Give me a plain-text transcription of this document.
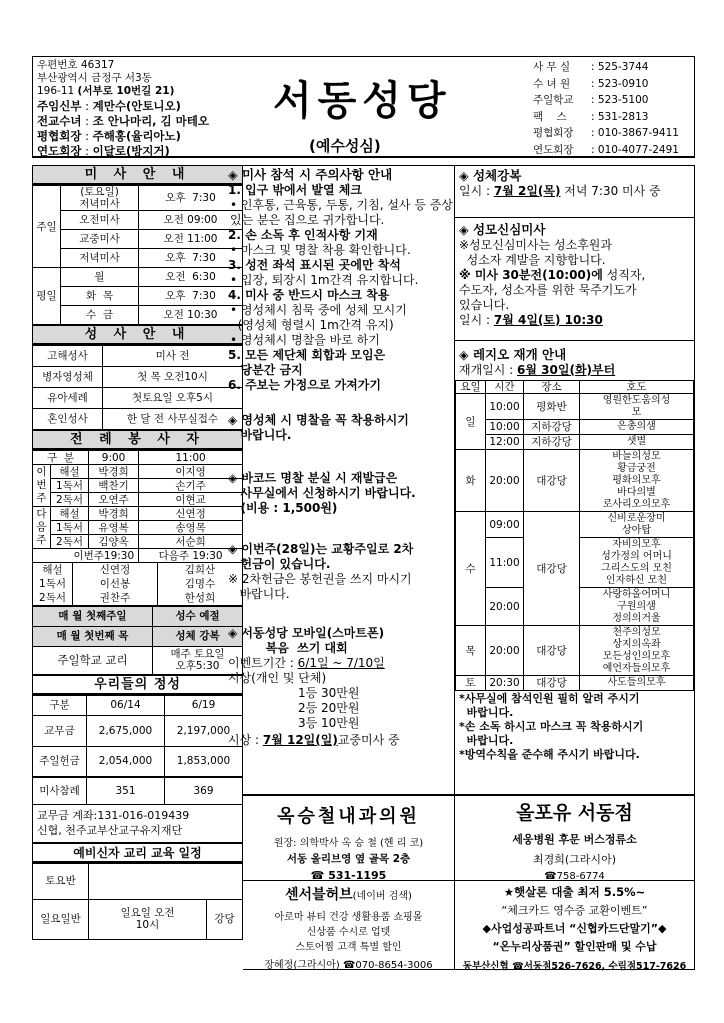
우편번호 46317
부산광역시 금정구 서3동
196-11 (서부로 10번길 21)
주임신부 : 계만수(안토니오)
전교수녀 : 조 안나마리, 김 마테오
평협회장 : 주해홍(율리아노)
연도회장 : 이달로(방지거)
서동성당
(예수성심)
사 무 실 : 525-3744
수 녀 원 : 523-0910
주일학교 : 523-5100
팩    스 : 531-2813
평협회장 : 010-3867-9411
연도회장 : 010-4077-2491
미 사 안 내
주일	(토요일)
저녁미사	오후  7:30
	오전미사	오전 09:00
	교중미사	오전 11:00
	저녁미사	오후  7:30
평일	월	오전  6:30
	화  목	오후  7:30
	수  금	오전 10:30
성 사 안 내
고해성사	미사 전
병자영성체	첫 목 오전10시
유아세례	첫토요일 오후5시
혼인성사	한 달 전 사무실접수
전 례 봉 사 자
구  분		9:00	11:00
이
번
주	해설	박경희	이지영
	1독서	백찬기	손기주
	2독서	오연주	이현교
다
음
주	해설	박경희	신연정
	1독서	유영복	송영목
	2독서	김양옥	서순희
이번주19:30			다음주 19:30
해설	신연정	김희산
1독서	이선봉	김명수
2독서	권찬주	한성희
매 월 첫째주일	성수 예절
매 월 첫번째 목	성체 강복
주일학교 교리	매주 토요일
오후5:30
우리들의 정성
구분	06/14	6/19
교무금	2,675,000	2,197,000
주일헌금	2,054,000	1,853,000
미사참례	351	369
교무금 계좌:131-016-019439
신협, 천주교부산교구유지재단
예비신자 교리 교육 일정
토요반		
일요일반	일요일 오전
10시	강당
◈ 미사 참석 시 주의사항 안내
1. 입구 밖에서 발열 체크
• 인후통, 근육통, 두통, 기침, 설사 등 증상 있는 분은 집으로 귀가합니다.
2. 손 소독 후 인적사항 기재
• 마스크 및 명찰 착용 확인합니다.
3. 성전 좌석 표시된 곳에만 착석
• 입장, 퇴장시 1m간격 유지합니다.
4. 미사 중 반드시 마스크 착용
• 영성체시 침묵 중에 성체 모시기
(영성체 형렬시 1m간격 유지)
• 영성체시 명찰을 바로 하기
5. 모든 제단체 회합과 모임은
당분간 금지
6. 주보는 가정으로 가져가기
◈ 영성체 시 명찰을 꼭 착용하시기
바랍니다.
◈ 바코드 명찰 분실 시 재발급은
사무실에서 신청하시기 바랍니다.
(비용 : 1,500원)
◈ 이번주(28일)는 교황주일로 2차
헌금이 있습니다.
※ 2차헌금은 봉헌권을 쓰지 마시기
바랍니다.
◈ 서동성당 모바일(스마트폰)
복음  쓰기 대회
이벤트기간 : 6/1일 ~ 7/10일
시상(개인 및 단체)
1등 30만원
2등 20만원
3등 10만원
시상 : 7월 12일(일)교중미사 중
◈ 성체강복
일시 : 7월 2일(목) 저녁 7:30 미사 중
◈ 성모신심미사
※성모신심미사는 성소후원과
성소자 계발을 지향합니다.
※ 미사 30분전(10:00)에 성직자,
수도자, 성소자를 위한 묵주기도가
있습니다.
일시 : 7월 4일(토) 10:30
◈ 레지오 재개 안내
재개일시 : 6월 30일(화)부터
요일	시간	장소	호도
일	10:00	평화반	영원한도움의성
모
	10:00	지하강당	은총의샘
	12:00	지하강당	샛별
화	20:00	대강당	바늘의성모
황금궁전
평화의모후
바다의별
로사리오의모후
수	09:00	대강당	신비로운장미
상아탑
	11:00		자비의모후
성가정의 어머니
그리스도의 모친
인자하신 모친
	20:00		사랑하올어머니
구원의샘
정의의거울
목	20:00	대강당	천주의성모
상지의옥좌
모든성인의모후
예언자들의모후
토	20:30	대강당	사도들의모후
*사무실에 참석인원 필히 알려 주시기
바랍니다.
*손 소독 하시고 마스크 꼭 착용하시기
바랍니다.
*방역수칙을 준수해 주시기 바랍니다.
옥승철내과의원
원장: 의학박사 옥 승 철 (헨 리 코)
서동 올리브영 옆 골목 2층
☎ 531-1195
올포유 서동점
세웅병원 후문 버스정류소
최경희(그라시아)
☎758-6774
센서블허브(네이버 검색)
아로마 뷰티 건강 생활용품 쇼핑몰
신상품 수시로 업뎃
스토어찜 고객 특별 할인
장혜정(그라시아) ☎070-8654-3006
★햇살론 대출 최저 5.5%~
“체크카드 영수증 교환이벤트”
◆사업성공파트너 “신협카드단말기”◆
“온누리상품권” 할인판매 및 수납
동부산신협 ☎서동점526-7626, 수림점517-7626
